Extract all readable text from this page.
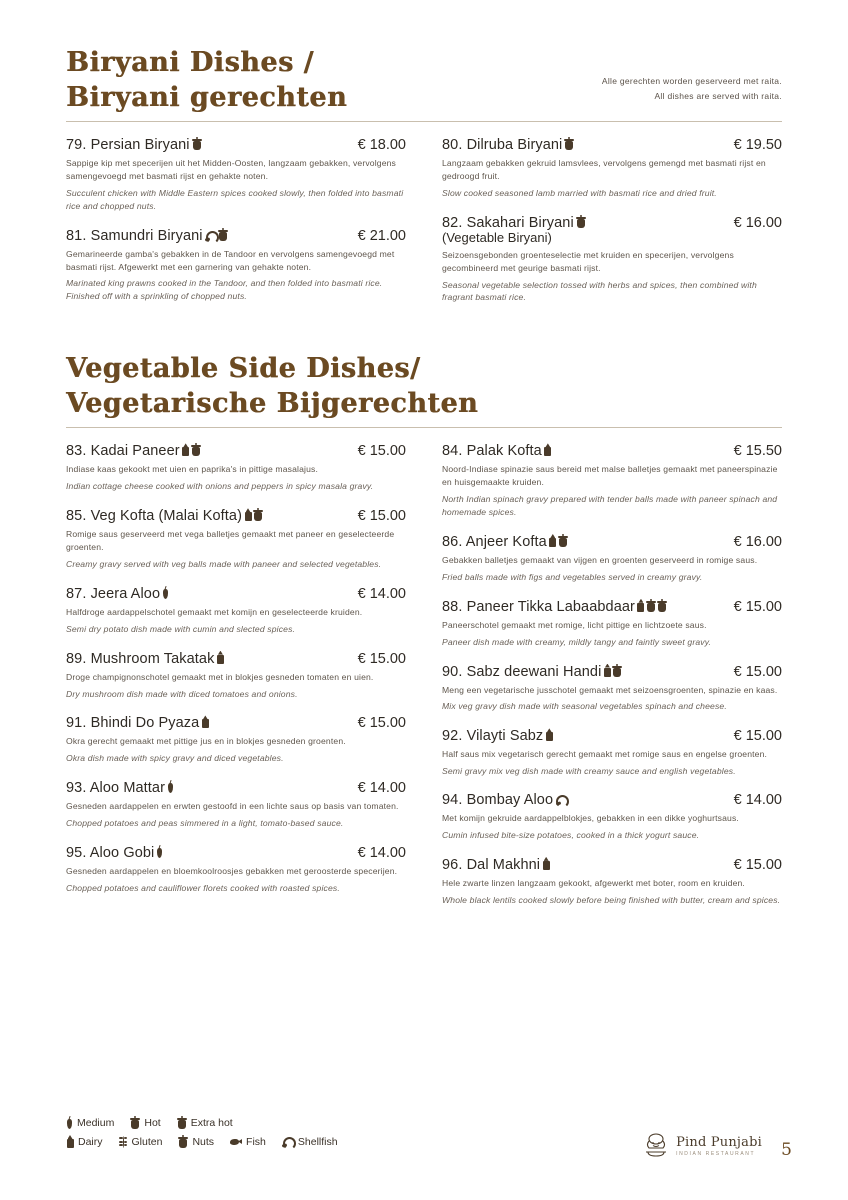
Biryani Dishes /
Biryani gerechten
Alle gerechten worden geserveerd met raita.
All dishes are served with raita.
79. Persian Biryani	€ 18.00
Sappige kip met specerijen uit het Midden-Oosten, langzaam gebakken, vervolgens samengevoegd met basmati rijst en gehakte noten.
Succulent chicken with Middle Eastern spices cooked slowly, then folded into basmati rice and chopped nuts.
81. Samundri Biryani	€ 21.00
Gemarineerde gamba's gebakken in de Tandoor en vervolgens samengevoegd met basmati rijst. Afgewerkt met een garnering van gehakte noten.
Marinated king prawns cooked in the Tandoor, and then folded into basmati rice. Finished off with a sprinkling of chopped nuts.
80. Dilruba Biryani	€ 19.50
Langzaam gebakken gekruid lamsvlees, vervolgens gemengd met basmati rijst en gedroogd fruit.
Slow cooked seasoned lamb married with basmati rice and dried fruit.
82. Sakahari Biryani	€ 16.00
(Vegetable Biryani)
Seizoensgebonden groenteselectie met kruiden en specerijen, vervolgens gecombineerd met geurige basmati rijst.
Seasonal vegetable selection tossed with herbs and spices, then combined with fragrant basmati rice.
Vegetable Side Dishes/
Vegetarische Bijgerechten
83. Kadai Paneer	€ 15.00
Indiase kaas gekookt met uien en paprika's in pittige masalajus.
Indian cottage cheese cooked with onions and peppers in spicy masala gravy.
85. Veg Kofta (Malai Kofta)	€ 15.00
Romige saus geserveerd met vega balletjes gemaakt met paneer en geselecteerde groenten.
Creamy gravy served with veg balls made with paneer and selected vegetables.
87. Jeera Aloo	€ 14.00
Halfdroge aardappelschotel gemaakt met komijn en geselecteerde kruiden.
Semi dry potato dish made with cumin and slected spices.
89. Mushroom Takatak	€ 15.00
Droge champignonschotel gemaakt met in blokjes gesneden tomaten en uien.
Dry mushroom dish made with diced tomatoes and onions.
91. Bhindi Do Pyaza	€ 15.00
Okra gerecht gemaakt met pittige jus en in blokjes gesneden groenten.
Okra dish made with spicy gravy and diced vegetables.
93. Aloo Mattar	€ 14.00
Gesneden aardappelen en erwten gestoofd in een lichte saus op basis van tomaten.
Chopped potatoes and peas simmered in a light, tomato-based sauce.
95. Aloo Gobi	€ 14.00
Gesneden aardappelen en bloemkoolroosjes gebakken met geroosterde specerijen.
Chopped potatoes and cauliflower florets cooked with roasted spices.
84. Palak Kofta	€ 15.50
Noord-Indiase spinazie saus bereid met malse balletjes gemaakt met paneerspinazie en huisgemaakte kruiden.
North Indian spinach gravy prepared with tender balls made with paneer spinach and homemade spices.
86. Anjeer Kofta	€ 16.00
Gebakken balletjes gemaakt van vijgen en groenten geserveerd in romige saus.
Fried balls made with figs and vegetables served in creamy gravy.
88. Paneer Tikka Labaabdaar	€ 15.00
Paneerschotel gemaakt met romige, licht pittige en lichtzoete saus.
Paneer dish made with creamy, mildly tangy and faintly sweet gravy.
90. Sabz deewani Handi	€ 15.00
Meng een vegetarische jusschotel gemaakt met seizoensgroenten, spinazie en kaas.
Mix veg gravy dish made with seasonal vegetables spinach and cheese.
92. Vilayti Sabz	€ 15.00
Half saus mix vegetarisch gerecht gemaakt met romige saus en engelse groenten.
Semi gravy mix veg dish made with creamy sauce and english vegetables.
94. Bombay Aloo	€ 14.00
Met komijn gekruide aardappelblokjes, gebakken in een dikke yoghurtsaus.
Cumin infused bite-size potatoes, cooked in a thick yogurt sauce.
96. Dal Makhni	€ 15.00
Hele zwarte linzen langzaam gekookt, afgewerkt met boter, room en kruiden.
Whole black lentils cooked slowly before being finished with butter, cream and spices.
Medium	Hot	Extra hot
Dairy	Gluten	Nuts	Fish	Shellfish	Pind Punjabi
INDIAN RESTAURANT	5
